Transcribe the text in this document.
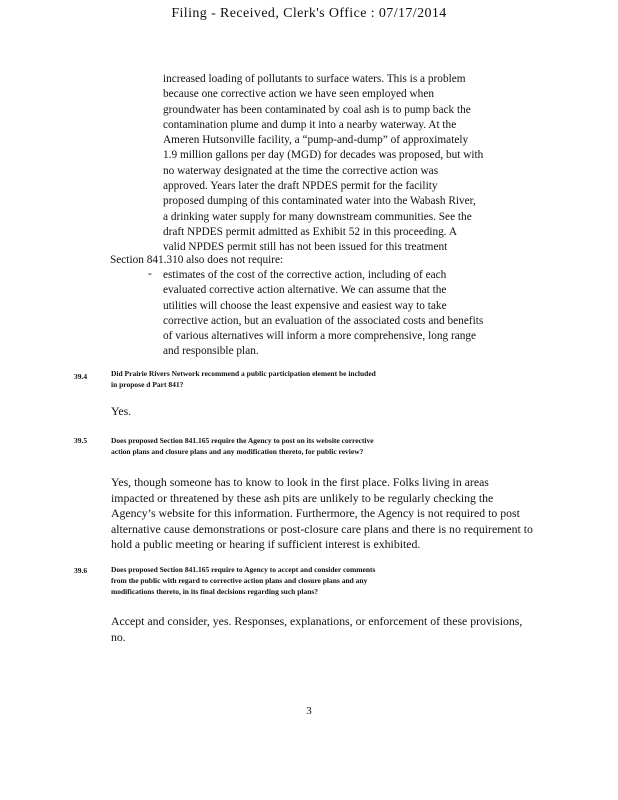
Filing - Received, Clerk's Office : 07/17/2014
increased loading of pollutants to surface waters. This is a problem
because one corrective action we have seen employed when
groundwater has been contaminated by coal ash is to pump back the
contamination plume and dump it into a nearby waterway. At the
Ameren Hutsonville facility, a “pump-and-dump” of approximately
1.9 million gallons per day (MGD) for decades was proposed, but with
no waterway designated at the time the corrective action was
approved. Years later the draft NPDES permit for the facility
proposed dumping of this contaminated water into the Wabash River,
a drinking water supply for many downstream communities. See the
draft NPDES permit admitted as Exhibit 52 in this proceeding. A
valid NPDES permit still has not been issued for this treatment
Section 841.310 also does not require:
- estimates of the cost of the corrective action, including of each
evaluated corrective action alternative. We can assume that the
utilities will choose the least expensive and easiest way to take
corrective action, but an evaluation of the associated costs and benefits
of various alternatives will inform a more comprehensive, long range
and responsible plan.
39.4	Did Prairie Rivers Network recommend a public participation element be included
in propose d Part 841?
Yes.
39.5	Does proposed Section 841.165 require the Agency to post on its website corrective
action plans and closure plans and any modification thereto, for public review?
Yes, though someone has to know to look in the first place. Folks living in areas
impacted or threatened by these ash pits are unlikely to be regularly checking the
Agency’s website for this information. Furthermore, the Agency is not required to post
alternative cause demonstrations or post-closure care plans and there is no requirement to
hold a public meeting or hearing if sufficient interest is exhibited.
39.6	Does proposed Section 841.165 require to Agency to accept and consider comments
from the public with regard to corrective action plans and closure plans and any
modifications thereto, in its final decisions regarding such plans?
Accept and consider, yes. Responses, explanations, or enforcement of these provisions,
no.
3
